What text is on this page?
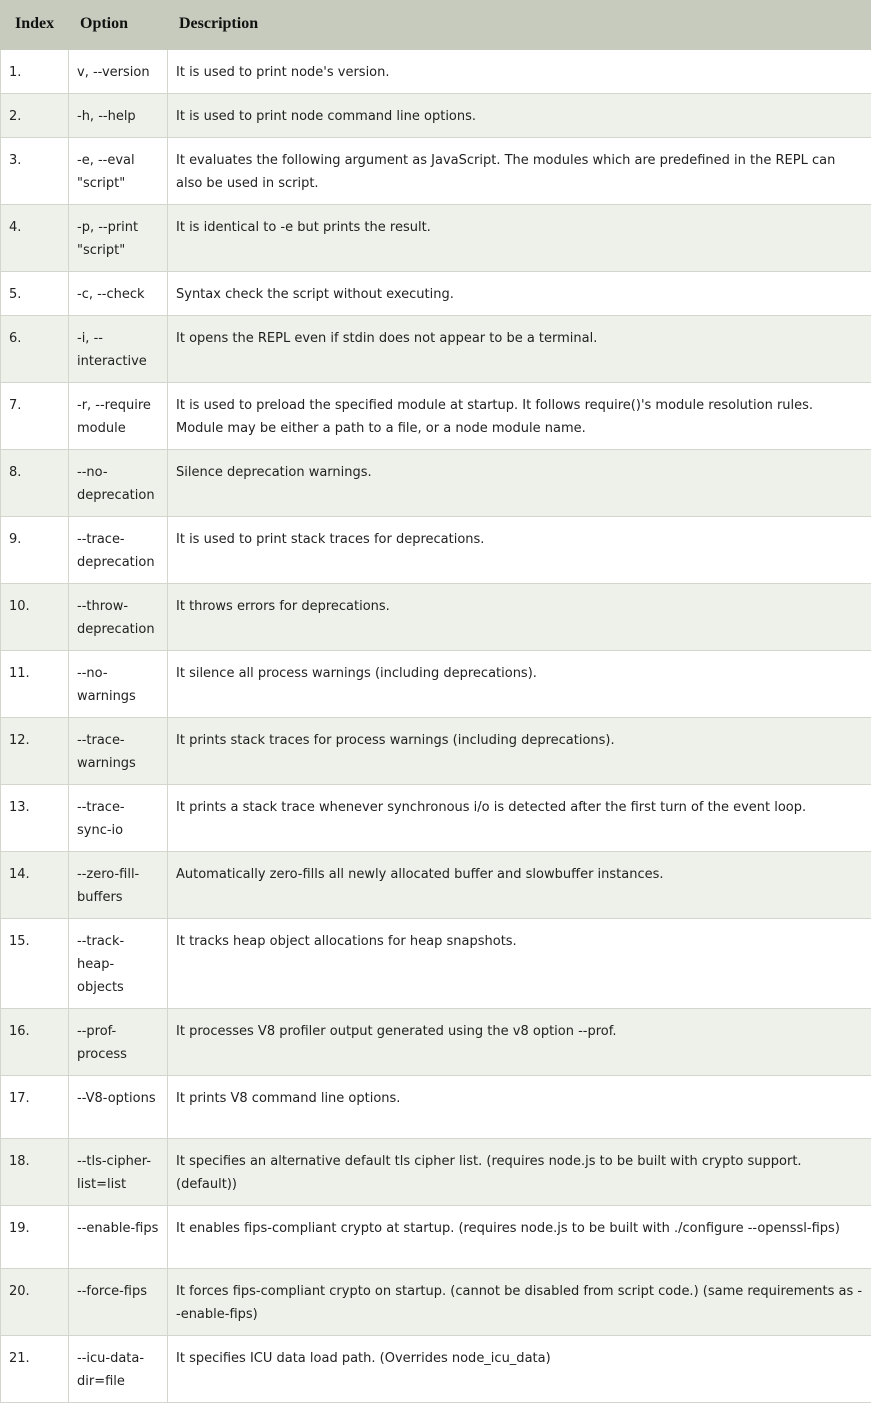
Index	Option	Description
1.	v, --version	It is used to print node's version.
2.	-h, --help	It is used to print node command line options.
3.	-e, --eval "script"	It evaluates the following argument as JavaScript. The modules which are predefined in the REPL can also be used in script.
4.	-p, --print "script"	It is identical to -e but prints the result.
5.	-c, --check	Syntax check the script without executing.
6.	-i, --interactive	It opens the REPL even if stdin does not appear to be a terminal.
7.	-r, --require module	It is used to preload the specified module at startup. It follows require()'s module resolution rules. Module may be either a path to a file, or a node module name.
8.	--no-deprecation	Silence deprecation warnings.
9.	--trace-deprecation	It is used to print stack traces for deprecations.
10.	--throw-deprecation	It throws errors for deprecations.
11.	--no-warnings	It silence all process warnings (including deprecations).
12.	--trace-warnings	It prints stack traces for process warnings (including deprecations).
13.	--trace-sync-io	It prints a stack trace whenever synchronous i/o is detected after the first turn of the event loop.
14.	--zero-fill-buffers	Automatically zero-fills all newly allocated buffer and slowbuffer instances.
15.	--track-heap-objects	It tracks heap object allocations for heap snapshots.
16.	--prof-process	It processes V8 profiler output generated using the v8 option --prof.
17.	--V8-options	It prints V8 command line options.
18.	--tls-cipher-list=list	It specifies an alternative default tls cipher list. (requires node.js to be built with crypto support. (default))
19.	--enable-fips	It enables fips-compliant crypto at startup. (requires node.js to be built with ./configure --openssl-fips)
20.	--force-fips	It forces fips-compliant crypto on startup. (cannot be disabled from script code.) (same requirements as --enable-fips)
21.	--icu-data-dir=file	It specifies ICU data load path. (Overrides node_icu_data)
